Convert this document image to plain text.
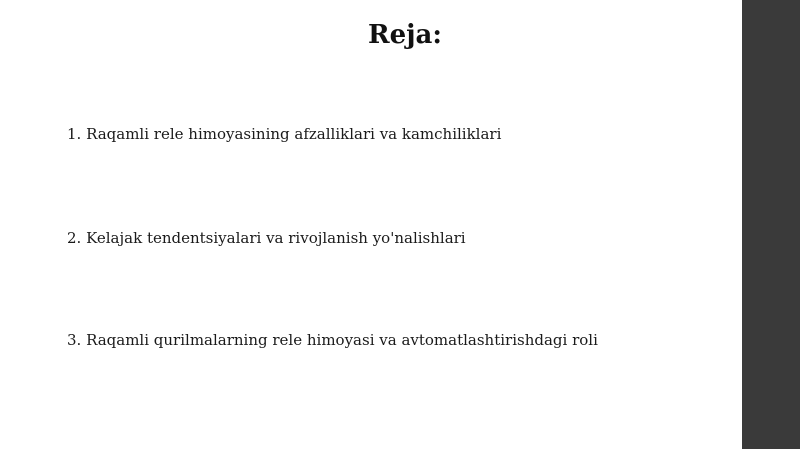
Reja:

1. Raqamli rele himoyasining afzalliklari va kamchiliklari

2. Kelajak tendentsiyalari va rivojlanish yo'nalishlari

3. Raqamli qurilmalarning rele himoyasi va avtomatlashtirishdagi roli
